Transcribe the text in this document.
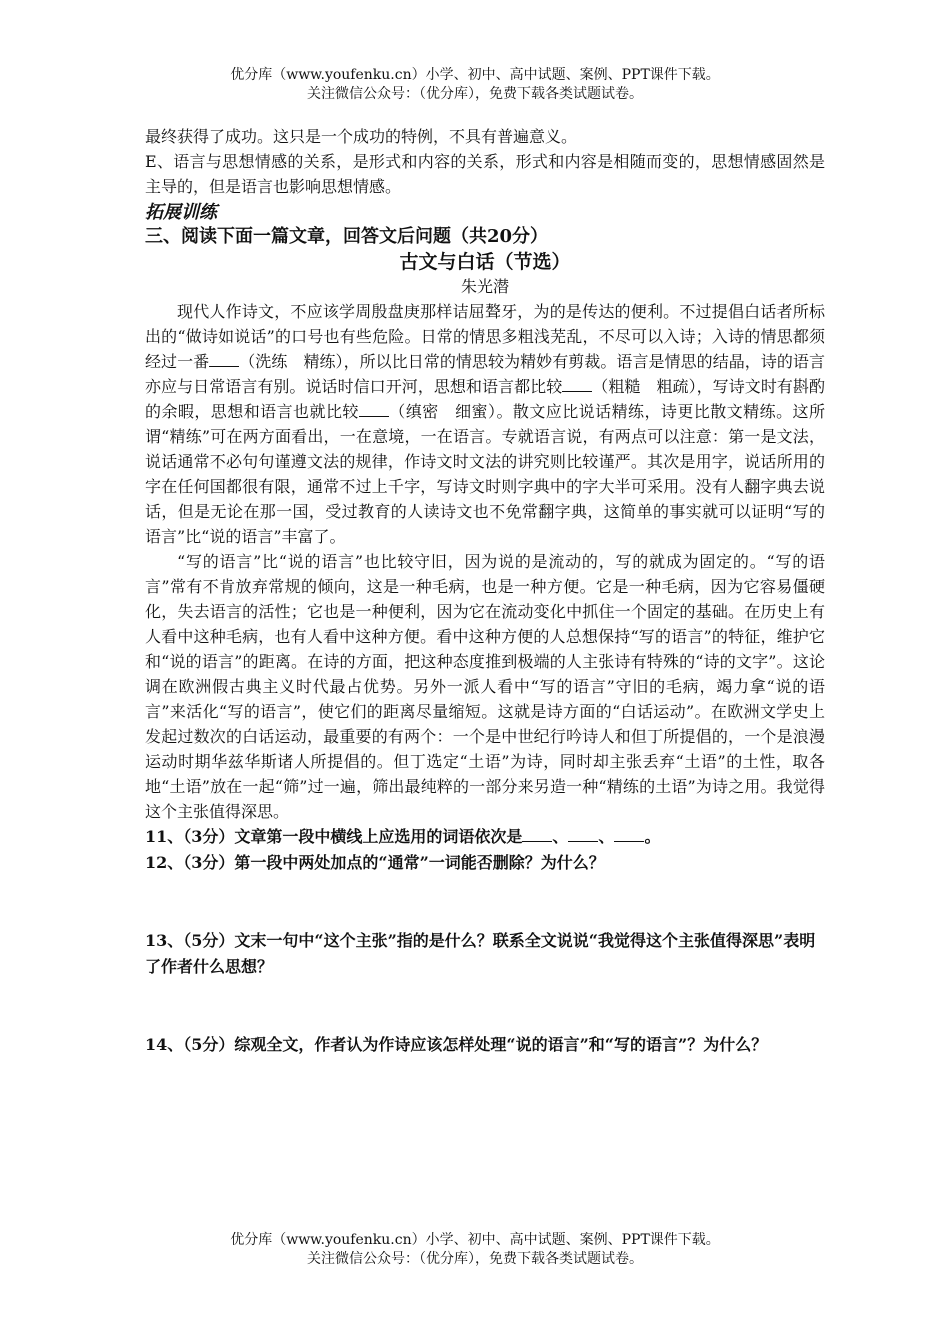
优分库（www.youfenku.cn）小学、初中、高中试题、案例、PPT课件下载。
关注微信公众号：（优分库），免费下载各类试题试卷。

最终获得了成功。这只是一个成功的特例，不具有普遍意义。

E、语言与思想情感的关系，是形式和内容的关系，形式和内容是相随而变的，思想情感固然是主导的，但是语言也影响思想情感。

拓展训练
三、阅读下面一篇文章，回答文后问题（共20分）
古文与白话（节选）
朱光潜

现代人作诗文，不应该学周殷盘庚那样诘屈聱牙，为的是传达的便利。不过提倡白话者所标出的“做诗如说话”的口号也有些危险。日常的情思多粗浅芜乱，不尽可以入诗；入诗的情思都须经过一番 （洗练　精练），所以比日常的情思较为精妙有剪裁。语言是情思的结晶，诗的语言亦应与日常语言有别。说话时信口开河，思想和语言都比较 （粗糙　粗疏），写诗文时有斟酌的余暇，思想和语言也就比较 （缜密　细蜜）。散文应比说话精练，诗更比散文精练。这所谓“精练”可在两方面看出，一在意境，一在语言。专就语言说，有两点可以注意：第一是文法，说话通常不必句句谨遵文法的规律，作诗文时文法的讲究则比较谨严。其次是用字，说话所用的字在任何国都很有限，通常不过上千字，写诗文时则字典中的字大半可采用。没有人翻字典去说话，但是无论在那一国，受过教育的人读诗文也不免常翻字典，这简单的事实就可以证明“写的语言”比“说的语言”丰富了。

“写的语言”比“说的语言”也比较守旧，因为说的是流动的，写的就成为固定的。“写的语言”常有不肯放弃常规的倾向，这是一种毛病，也是一种方便。它是一种毛病，因为它容易僵硬化，失去语言的活性；它也是一种便利，因为它在流动变化中抓住一个固定的基础。在历史上有人看中这种毛病，也有人看中这种方便。看中这种方便的人总想保持“写的语言”的特征，维护它和“说的语言”的距离。在诗的方面，把这种态度推到极端的人主张诗有特殊的“诗的文字”。这论调在欧洲假古典主义时代最占优势。另外一派人看中“写的语言”守旧的毛病，竭力拿“说的语言”来活化“写的语言”，使它们的距离尽量缩短。这就是诗方面的“白话运动”。在欧洲文学史上发起过数次的白话运动，最重要的有两个：一个是中世纪行吟诗人和但丁所提倡的，一个是浪漫运动时期华兹华斯诸人所提倡的。但丁选定“土语”为诗，同时却主张丢弃“土语”的土性，取各地“土语”放在一起“筛”过一遍，筛出最纯粹的一部分来另造一种“精练的土语”为诗之用。我觉得这个主张值得深思。

11、（3分）文章第一段中横线上应选用的词语依次是 、 、 。

12、（3分）第一段中两处加点的“通常”一词能否删除？为什么？

13、（5分）文末一句中“这个主张”指的是什么？联系全文说说“我觉得这个主张值得深思”表明了作者什么思想？

14、（5分）综观全文，作者认为作诗应该怎样处理“说的语言”和“写的语言”？为什么？

优分库（www.youfenku.cn）小学、初中、高中试题、案例、PPT课件下载。
关注微信公众号：（优分库），免费下载各类试题试卷。
